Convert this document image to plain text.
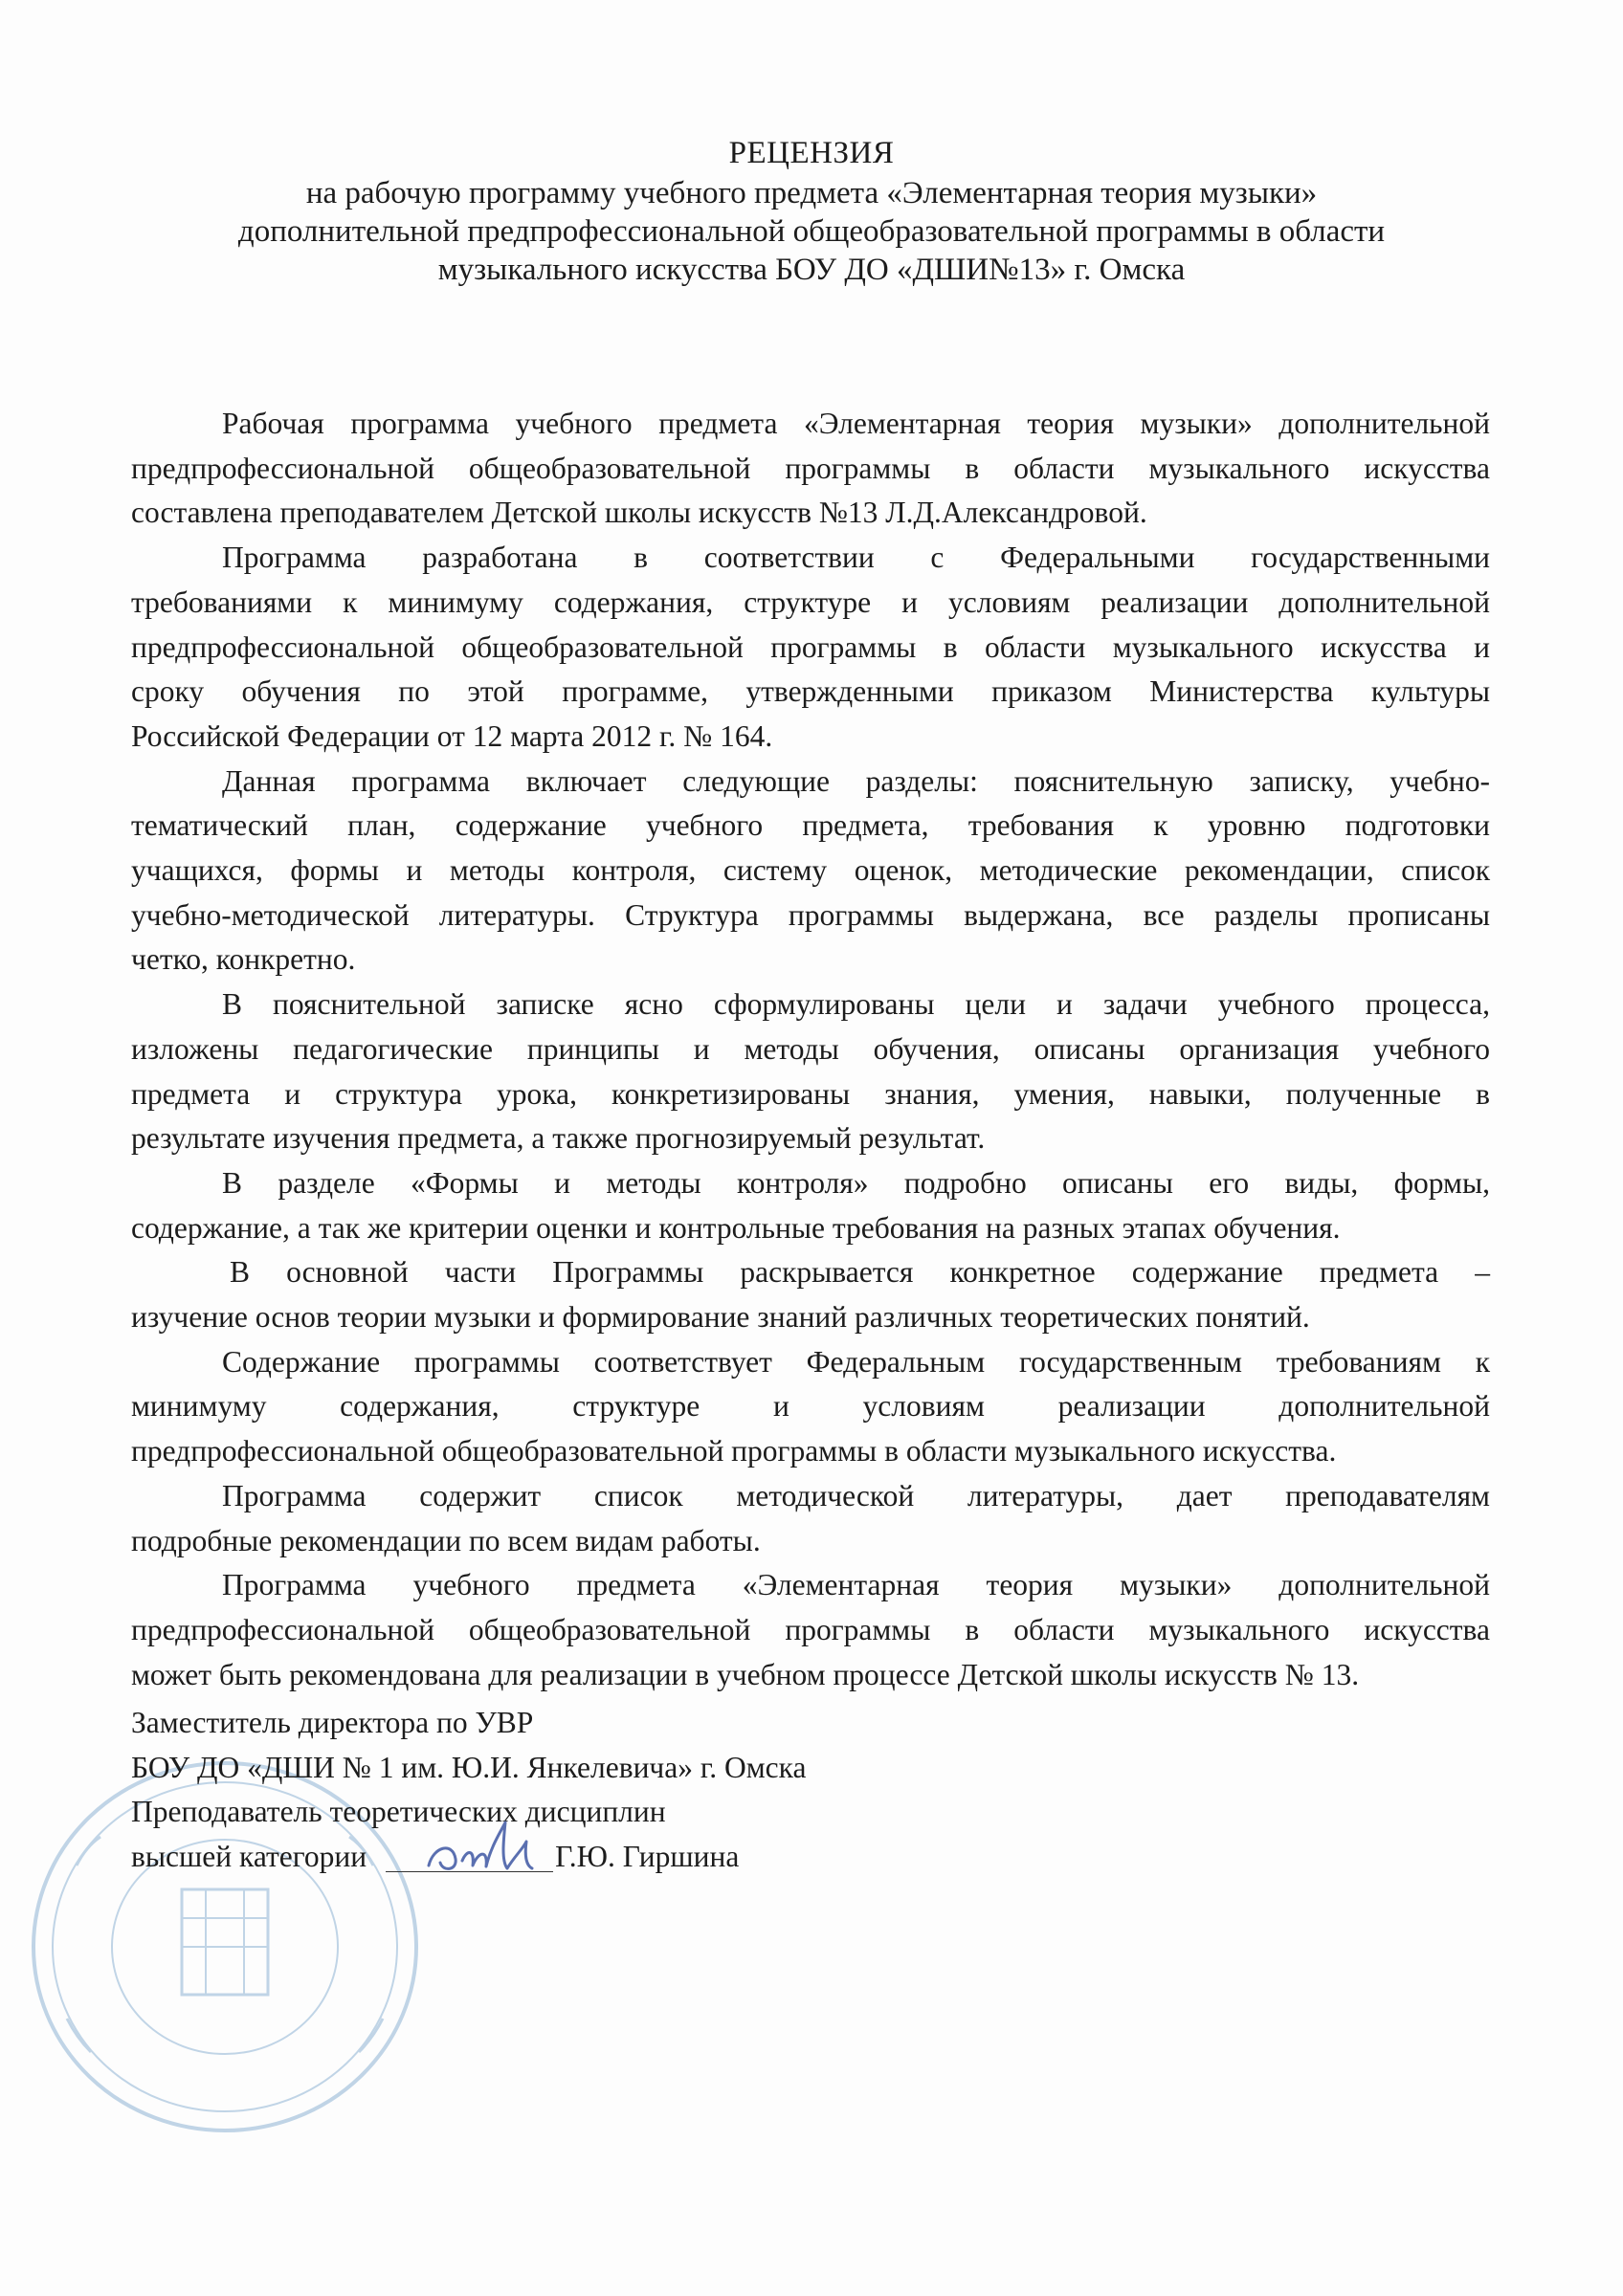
РЕЦЕНЗИЯ
на рабочую программу учебного предмета «Элементарная теория музыки»
дополнительной предпрофессиональной общеобразовательной программы в области
музыкального искусства БОУ ДО «ДШИ№13» г. Омска
Рабочая программа учебного предмета «Элементарная теория музыки» дополнительной
предпрофессиональной общеобразовательной программы в области музыкального искусства
составлена преподавателем Детской школы искусств №13 Л.Д.Александровой.
Программа разработана в соответствии с Федеральными государственными
требованиями к минимуму содержания, структуре и условиям реализации дополнительной
предпрофессиональной общеобразовательной программы в области музыкального искусства и
сроку обучения по этой программе, утвержденными приказом Министерства культуры
Российской Федерации от 12 марта 2012 г. № 164.
Данная программа включает следующие разделы: пояснительную записку, учебно-
тематический план, содержание учебного предмета, требования к уровню подготовки
учащихся, формы и методы контроля, систему оценок, методические рекомендации, список
учебно-методической литературы. Структура программы выдержана, все разделы прописаны
четко, конкретно.
В пояснительной записке ясно сформулированы цели и задачи учебного процесса,
изложены педагогические принципы и методы обучения, описаны организация учебного
предмета и структура урока, конкретизированы знания, умения, навыки, полученные в
результате изучения предмета, а также прогнозируемый результат.
В разделе «Формы и методы контроля» подробно описаны его виды, формы,
содержание, а так же критерии оценки и контрольные требования на разных этапах обучения.
В основной части Программы раскрывается конкретное содержание предмета –
изучение основ теории музыки и формирование знаний различных теоретических понятий.
Содержание программы соответствует Федеральным государственным требованиям к
минимуму содержания, структуре и условиям реализации дополнительной
предпрофессиональной общеобразовательной программы в области музыкального искусства.
Программа содержит список методической литературы, дает преподавателям
подробные рекомендации по всем видам работы.
Программа учебного предмета «Элементарная теория музыки» дополнительной
предпрофессиональной общеобразовательной программы в области музыкального искусства
может быть рекомендована для реализации в учебном процессе Детской школы искусств № 13.
Заместитель директора по УВР
БОУ ДО «ДШИ № 1 им. Ю.И. Янкелевича» г. Омска
Преподаватель теоретических дисциплин
высшей категории	Г.Ю. Гиршина
